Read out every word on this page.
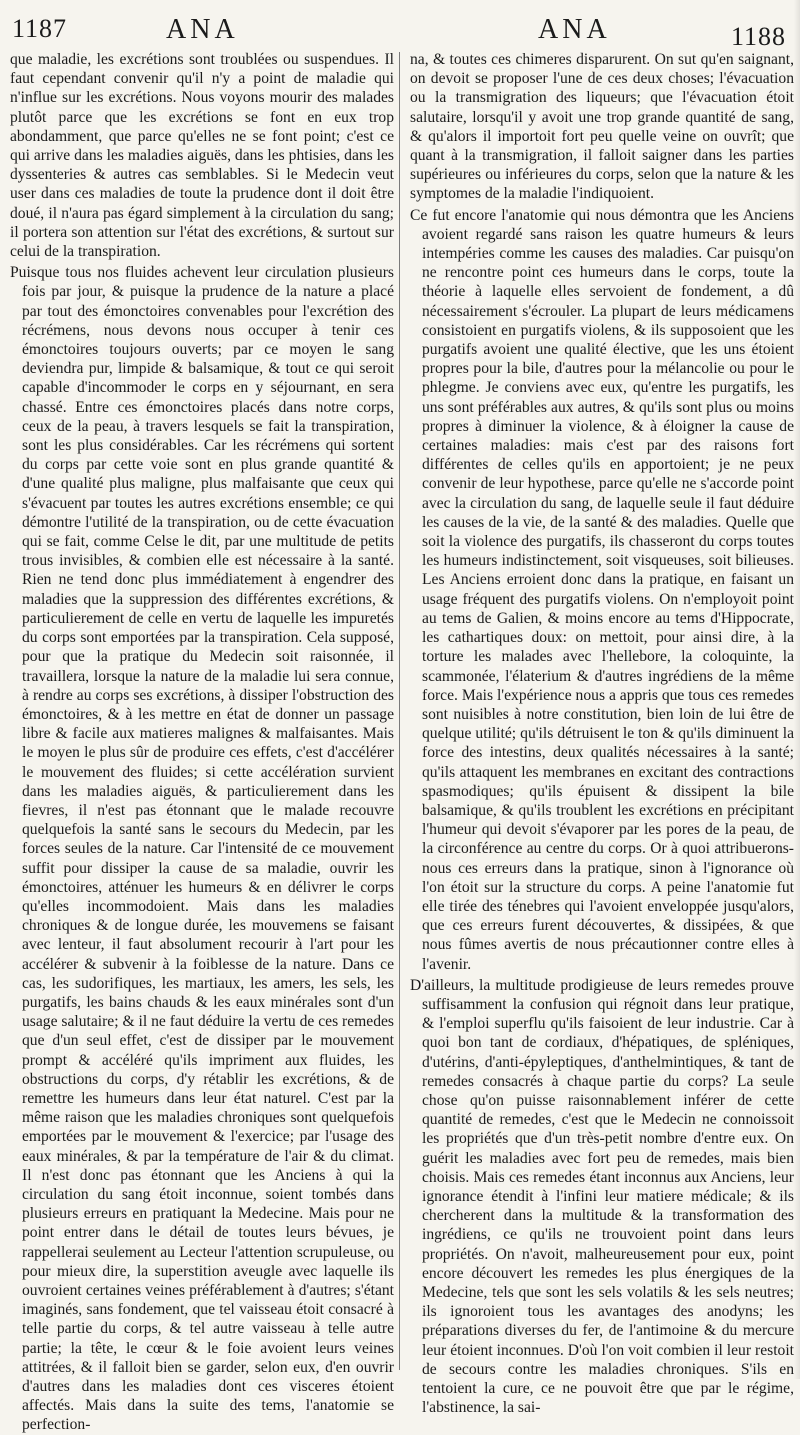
1187	ANA	ANA	1188

que maladie, les excrétions sont troublées ou suspendues. Il faut cependant convenir qu'il n'y a point de maladie qui n'influe sur les excrétions. Nous voyons mourir des malades plutôt parce que les excrétions se font en eux trop abondamment, que parce qu'elles ne se font point; c'est ce qui arrive dans les maladies aiguës, dans les phtisies, dans les dyssenteries & autres cas semblables. Si le Medecin veut user dans ces maladies de toute la prudence dont il doit être doué, il n'aura pas égard simplement à la circulation du sang; il portera son attention sur l'état des excrétions, & surtout sur celui de la transpiration.

Puisque tous nos fluides achevent leur circulation plusieurs fois par jour, & puisque la prudence de la nature a placé par tout des émonctoires convenables pour l'excrétion des récrémens, nous devons nous occuper à tenir ces émonctoires toujours ouverts; par ce moyen le sang deviendra pur, limpide & balsamique, & tout ce qui seroit capable d'incommoder le corps en y séjournant, en sera chassé. Entre ces émonctoires placés dans notre corps, ceux de la peau, à travers lesquels se fait la transpiration, sont les plus considérables. Car les récrémens qui sortent du corps par cette voie sont en plus grande quantité & d'une qualité plus maligne, plus malfaisante que ceux qui s'évacuent par toutes les autres excrétions ensemble; ce qui démontre l'utilité de la transpiration, ou de cette évacuation qui se fait, comme Celse le dit, par une multitude de petits trous invisibles, & combien elle est nécessaire à la santé. Rien ne tend donc plus immédiatement à engendrer des maladies que la suppression des différentes excrétions, & particulierement de celle en vertu de laquelle les impuretés du corps sont emportées par la transpiration. Cela supposé, pour que la pratique du Medecin soit raisonnée, il travaillera, lorsque la nature de la maladie lui sera connue, à rendre au corps ses excrétions, à dissiper l'obstruction des émonctoires, & à les mettre en état de donner un passage libre & facile aux matieres malignes & malfaisantes. Mais le moyen le plus sûr de produire ces effets, c'est d'accélérer le mouvement des fluides; si cette accélération survient dans les maladies aiguës, & particulierement dans les fievres, il n'est pas étonnant que le malade recouvre quelquefois la santé sans le secours du Medecin, par les forces seules de la nature. Car l'intensité de ce mouvement suffit pour dissiper la cause de sa maladie, ouvrir les émonctoires, atténuer les humeurs & en délivrer le corps qu'elles incommodoient. Mais dans les maladies chroniques & de longue durée, les mouvemens se faisant avec lenteur, il faut absolument recourir à l'art pour les accélérer & subvenir à la foiblesse de la nature. Dans ce cas, les sudorifiques, les martiaux, les amers, les sels, les purgatifs, les bains chauds & les eaux minérales sont d'un usage salutaire; & il ne faut déduire la vertu de ces remedes que d'un seul effet, c'est de dissiper par le mouvement prompt & accéléré qu'ils impriment aux fluides, les obstructions du corps, d'y rétablir les excrétions, & de remettre les humeurs dans leur état naturel. C'est par la même raison que les maladies chroniques sont quelquefois emportées par le mouvement & l'exercice; par l'usage des eaux minérales, & par la température de l'air & du climat. Il n'est donc pas étonnant que les Anciens à qui la circulation du sang étoit inconnue, soient tombés dans plusieurs erreurs en pratiquant la Medecine. Mais pour ne point entrer dans le détail de toutes leurs bévues, je rappellerai seulement au Lecteur l'attention scrupuleuse, ou pour mieux dire, la superstition aveugle avec laquelle ils ouvroient certaines veines préférablement à d'autres; s'étant imaginés, sans fondement, que tel vaisseau étoit consacré à telle partie du corps, & tel autre vaisseau à telle autre partie; la tête, le cœur & le foie avoient leurs veines attitrées, & il falloit bien se garder, selon eux, d'en ouvrir d'autres dans les maladies dont ces visceres étoient affectés. Mais dans la suite des tems, l'anatomie se perfection-

na, & toutes ces chimeres disparurent. On sut qu'en saignant, on devoit se proposer l'une de ces deux choses; l'évacuation ou la transmigration des liqueurs; que l'évacuation étoit salutaire, lorsqu'il y avoit une trop grande quantité de sang, & qu'alors il importoit fort peu quelle veine on ouvrît; que quant à la transmigration, il falloit saigner dans les parties supérieures ou inférieures du corps, selon que la nature & les symptomes de la maladie l'indiquoient.

Ce fut encore l'anatomie qui nous démontra que les Anciens avoient regardé sans raison les quatre humeurs & leurs intempéries comme les causes des maladies. Car puisqu'on ne rencontre point ces humeurs dans le corps, toute la théorie à laquelle elles servoient de fondement, a dû nécessairement s'écrouler. La plupart de leurs médicamens consistoient en purgatifs violens, & ils supposoient que les purgatifs avoient une qualité élective, que les uns étoient propres pour la bile, d'autres pour la mélancolie ou pour le phlegme. Je conviens avec eux, qu'entre les purgatifs, les uns sont préférables aux autres, & qu'ils sont plus ou moins propres à diminuer la violence, & à éloigner la cause de certaines maladies: mais c'est par des raisons fort différentes de celles qu'ils en apportoient; je ne peux convenir de leur hypothese, parce qu'elle ne s'accorde point avec la circulation du sang, de laquelle seule il faut déduire les causes de la vie, de la santé & des maladies. Quelle que soit la violence des purgatifs, ils chasseront du corps toutes les humeurs indistinctement, soit visqueuses, soit bilieuses. Les Anciens erroient donc dans la pratique, en faisant un usage fréquent des purgatifs violens. On n'employoit point au tems de Galien, & moins encore au tems d'Hippocrate, les cathartiques doux: on mettoit, pour ainsi dire, à la torture les malades avec l'hellebore, la coloquinte, la scammonée, l'élaterium & d'autres ingrédiens de la même force. Mais l'expérience nous a appris que tous ces remedes sont nuisibles à notre constitution, bien loin de lui être de quelque utilité; qu'ils détruisent le ton & qu'ils diminuent la force des intestins, deux qualités nécessaires à la santé; qu'ils attaquent les membranes en excitant des contractions spasmodiques; qu'ils épuisent & dissipent la bile balsamique, & qu'ils troublent les excrétions en précipitant l'humeur qui devoit s'évaporer par les pores de la peau, de la circonférence au centre du corps. Or à quoi attribuerons-nous ces erreurs dans la pratique, sinon à l'ignorance où l'on étoit sur la structure du corps. A peine l'anatomie fut elle tirée des ténebres qui l'avoient enveloppée jusqu'alors, que ces erreurs furent découvertes, & dissipées, & que nous fûmes avertis de nous précautionner contre elles à l'avenir.

D'ailleurs, la multitude prodigieuse de leurs remedes prouve suffisamment la confusion qui régnoit dans leur pratique, & l'emploi superflu qu'ils faisoient de leur industrie. Car à quoi bon tant de cordiaux, d'hépatiques, de spléniques, d'utérins, d'anti-épyleptiques, d'anthelmintiques, & tant de remedes consacrés à chaque partie du corps? La seule chose qu'on puisse raisonnablement inférer de cette quantité de remedes, c'est que le Medecin ne connoissoit les propriétés que d'un très-petit nombre d'entre eux. On guérit les maladies avec fort peu de remedes, mais bien choisis. Mais ces remedes étant inconnus aux Anciens, leur ignorance étendit à l'infini leur matiere médicale; & ils chercherent dans la multitude & la transformation des ingrédiens, ce qu'ils ne trouvoient point dans leurs propriétés. On n'avoit, malheureusement pour eux, point encore découvert les remedes les plus énergiques de la Medecine, tels que sont les sels volatils & les sels neutres; ils ignoroient tous les avantages des anodyns; les préparations diverses du fer, de l'antimoine & du mercure leur étoient inconnues. D'où l'on voit combien il leur restoit de secours contre les maladies chroniques. S'ils en tentoient la cure, ce ne pouvoit être que par le régime, l'abstinence, la sai-
